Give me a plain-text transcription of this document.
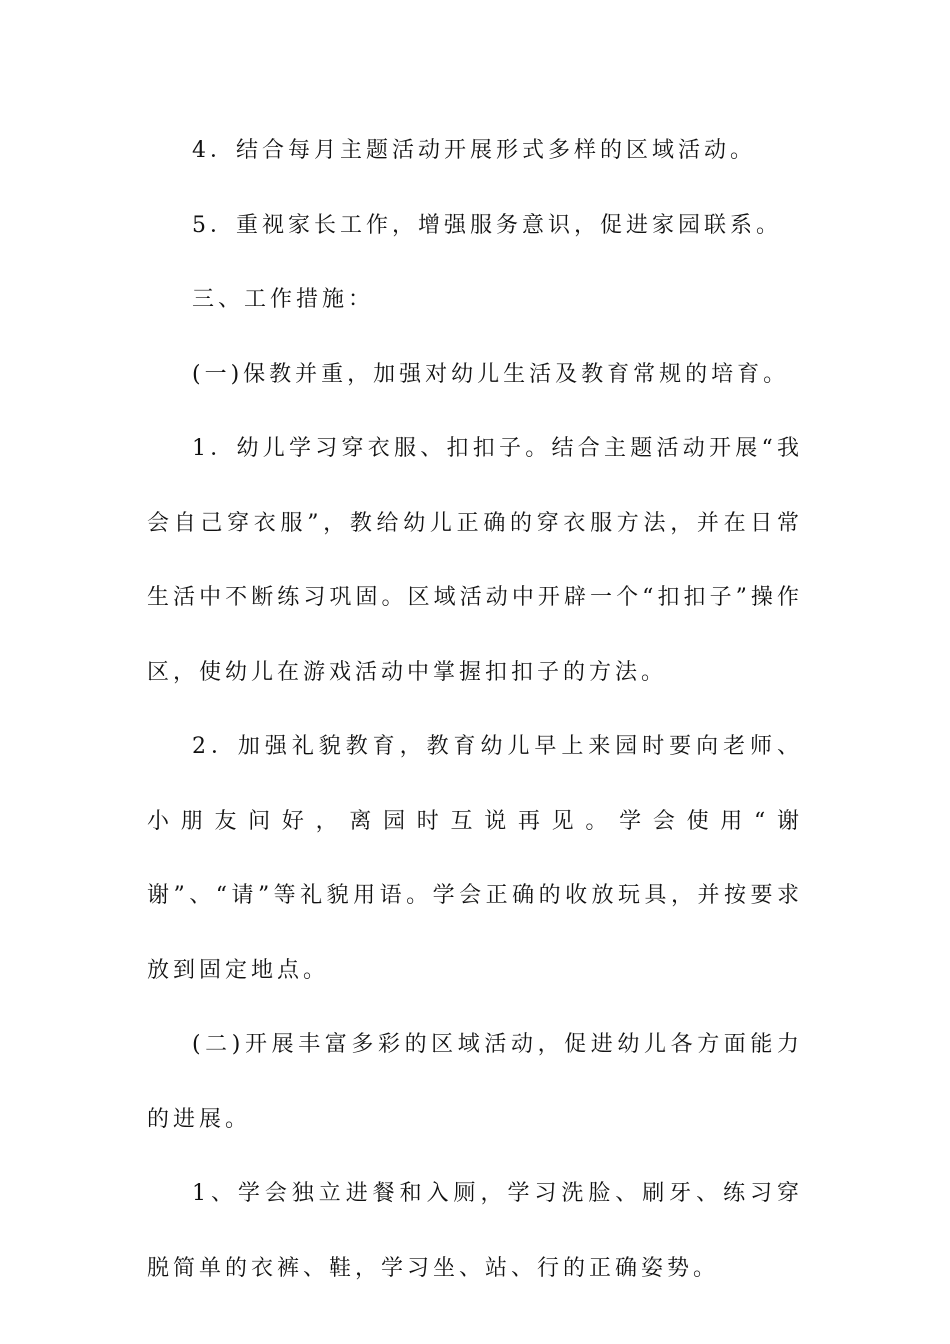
4．结合每月主题活动开展形式多样的区域活动。

5．重视家长工作，增强服务意识，促进家园联系。

三、工作措施：

(一)保教并重，加强对幼儿生活及教育常规的培育。

1．幼儿学习穿衣服、扣扣子。结合主题活动开展“我会自己穿衣服”，教给幼儿正确的穿衣服方法，并在日常生活中不断练习巩固。区域活动中开辟一个“扣扣子”操作区，使幼儿在游戏活动中掌握扣扣子的方法。

2．加强礼貌教育，教育幼儿早上来园时要向老师、小朋友问好，离园时互说再见。学会使用“谢谢”、“请”等礼貌用语。学会正确的收放玩具，并按要求放到固定地点。

(二)开展丰富多彩的区域活动，促进幼儿各方面能力的进展。

1、学会独立进餐和入厕，学习洗脸、刷牙、练习穿脱简单的衣裤、鞋，学习坐、站、行的正确姿势。
